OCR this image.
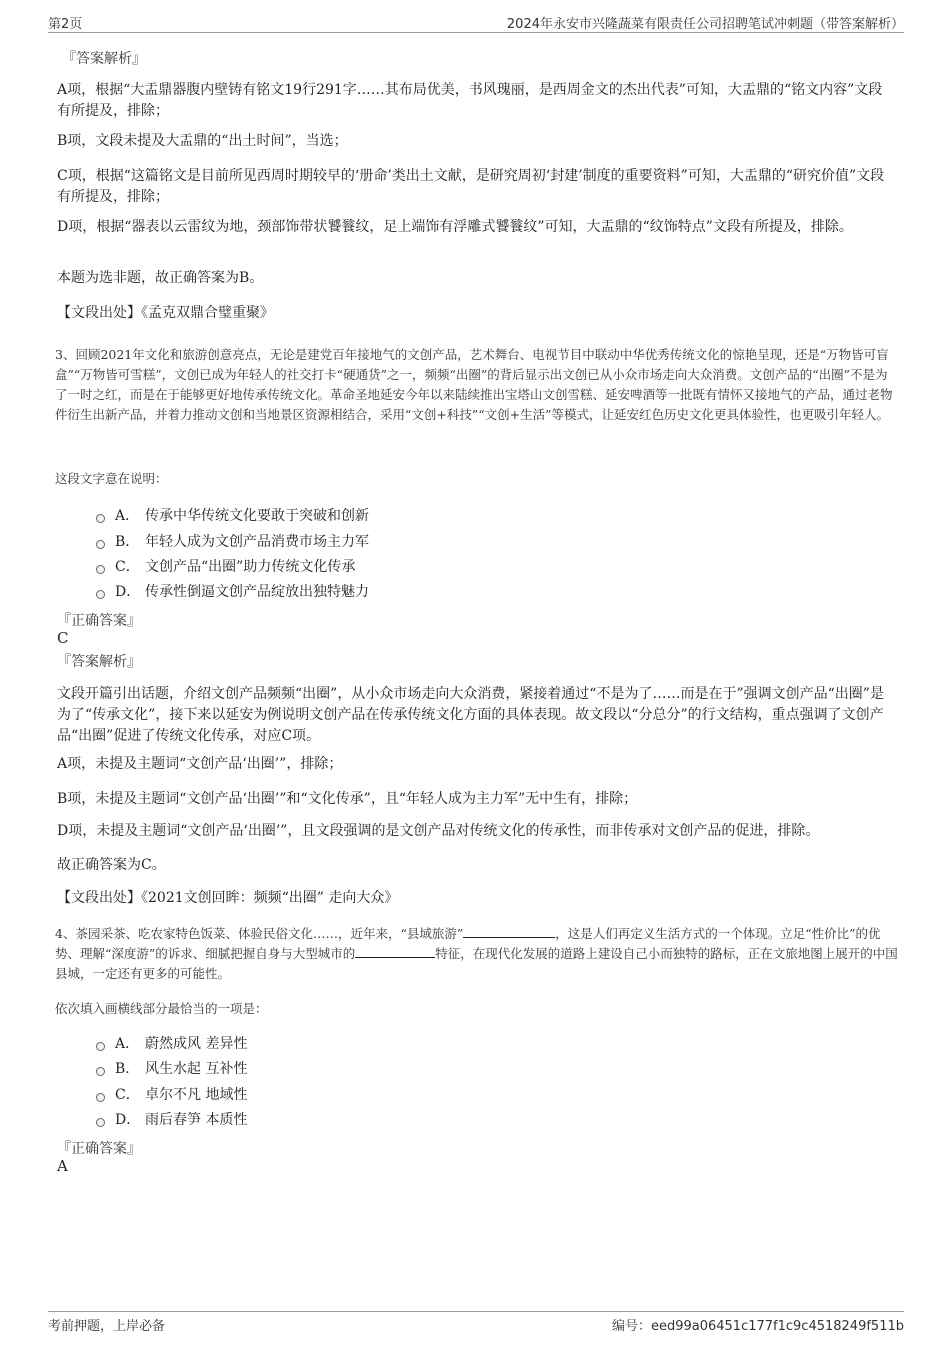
第2页	2024年永安市兴隆蔬菜有限责任公司招聘笔试冲刺题（带答案解析）
『答案解析』
A项，根据“大盂鼎器腹内壁铸有铭文19行291字……其布局优美，书风瑰丽，是西周金文的杰出代表”可知，大盂鼎的“铭文内容”文段有所提及，排除；
B项，文段未提及大盂鼎的“出土时间”，当选；
C项，根据“这篇铭文是目前所见西周时期较早的‘册命’类出土文献，是研究周初‘封建’制度的重要资料”可知，大盂鼎的“研究价值”文段有所提及，排除；
D项，根据“器表以云雷纹为地，颈部饰带状饕餮纹，足上端饰有浮雕式饕餮纹”可知，大盂鼎的“纹饰特点”文段有所提及，排除。
本题为选非题，故正确答案为B。
【文段出处】《孟克双鼎合璧重聚》
3、回顾2021年文化和旅游创意亮点，无论是建党百年接地气的文创产品，艺术舞台、电视节目中联动中华优秀传统文化的惊艳呈现，还是“万物皆可盲盒”“万物皆可雪糕”，文创已成为年轻人的社交打卡“硬通货”之一，频频“出圈”的背后显示出文创已从小众市场走向大众消费。文创产品的“出圈”不是为了一时之红，而是在于能够更好地传承传统文化。革命圣地延安今年以来陆续推出宝塔山文创雪糕、延安啤酒等一批既有情怀又接地气的产品，通过老物件衍生出新产品，并着力推动文创和当地景区资源相结合，采用“文创+科技”“文创+生活”等模式，让延安红色历史文化更具体验性，也更吸引年轻人。
这段文字意在说明：
A． 传承中华传统文化要敢于突破和创新
B． 年轻人成为文创产品消费市场主力军
C． 文创产品“出圈”助力传统文化传承
D． 传承性倒逼文创产品绽放出独特魅力
『正确答案』
C
『答案解析』
文段开篇引出话题，介绍文创产品频频“出圈”，从小众市场走向大众消费，紧接着通过“不是为了……而是在于”强调文创产品“出圈”是为了“传承文化”，接下来以延安为例说明文创产品在传承传统文化方面的具体表现。故文段以“分总分”的行文结构，重点强调了文创产品“出圈”促进了传统文化传承，对应C项。
A项，未提及主题词“文创产品‘出圈’”，排除；
B项，未提及主题词“文创产品‘出圈’”和“文化传承”，且“年轻人成为主力军”无中生有，排除；
D项，未提及主题词“文创产品‘出圈’”，且文段强调的是文创产品对传统文化的传承性，而非传承对文创产品的促进，排除。
故正确答案为C。
【文段出处】《2021文创回眸：频频“出圈” 走向大众》
4、茶园采茶、吃农家特色饭菜、体验民俗文化……，近年来，“县域旅游”	，这是人们再定义生活方式的一个体现。立足“性价比”的优势、理解“深度游”的诉求、细腻把握自身与大型城市的	特征，在现代化发展的道路上建设自己小而独特的路标，正在文旅地图上展开的中国县城，一定还有更多的可能性。
依次填入画横线部分最恰当的一项是：
A． 蔚然成风 差异性
B． 风生水起 互补性
C． 卓尔不凡 地域性
D． 雨后春笋 本质性
『正确答案』
A
考前押题，上岸必备	编号：eed99a06451c177f1c9c4518249f511b
